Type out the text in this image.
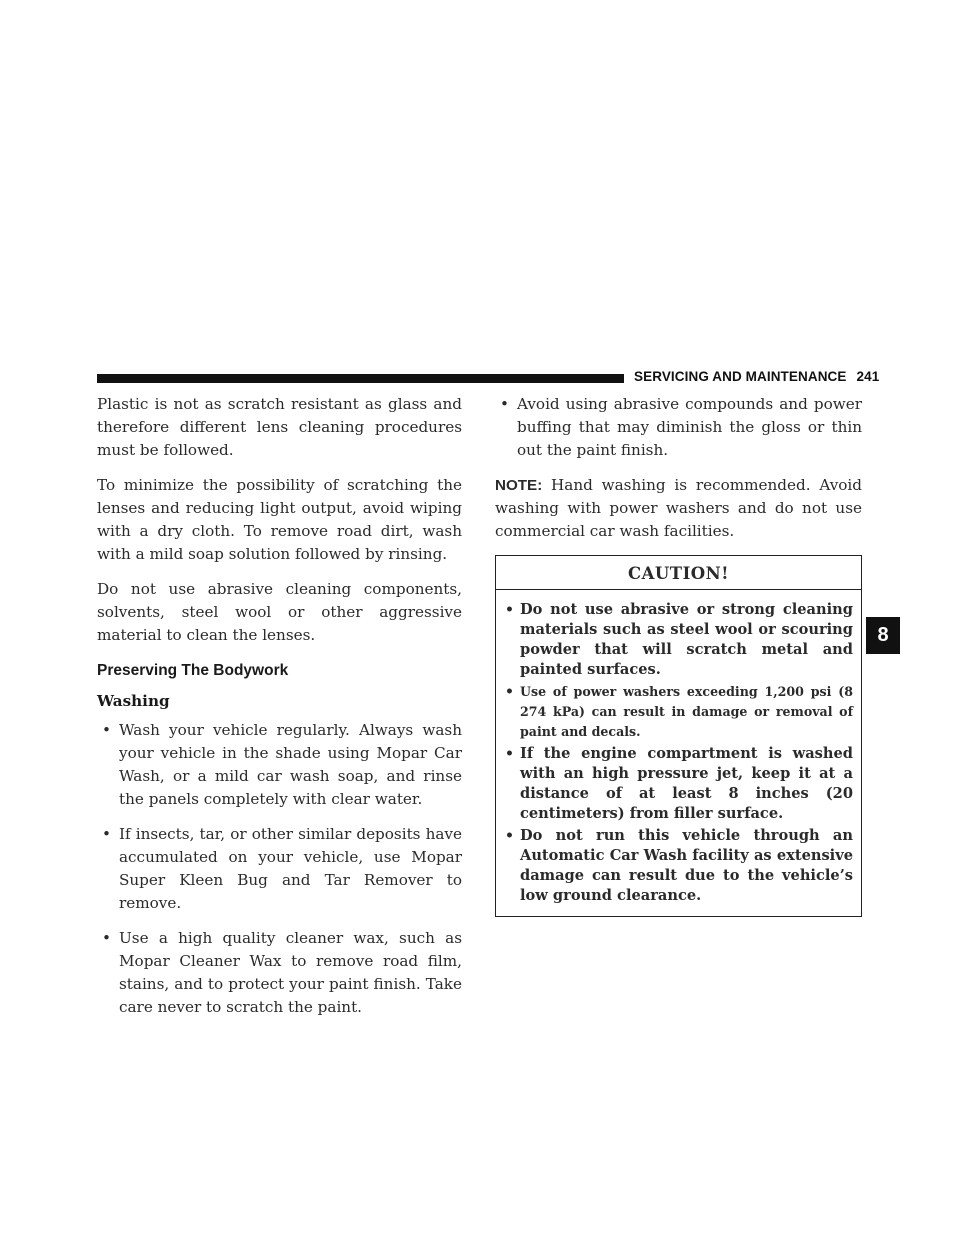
SERVICING AND MAINTENANCE 241
8

Plastic is not as scratch resistant as glass and therefore different lens cleaning procedures must be followed.

To minimize the possibility of scratching the lenses and reducing light output, avoid wiping with a dry cloth. To remove road dirt, wash with a mild soap solution followed by rinsing.

Do not use abrasive cleaning components, solvents, steel wool or other aggressive material to clean the lenses.

Preserving The Bodywork
Washing
• Wash your vehicle regularly. Always wash your vehicle in the shade using Mopar Car Wash, or a mild car wash soap, and rinse the panels completely with clear water.
• If insects, tar, or other similar deposits have accumulated on your vehicle, use Mopar Super Kleen Bug and Tar Remover to remove.
• Use a high quality cleaner wax, such as Mopar Cleaner Wax to remove road film, stains, and to protect your paint finish. Take care never to scratch the paint.
• Avoid using abrasive compounds and power buffing that may diminish the gloss or thin out the paint finish.

NOTE: Hand washing is recommended. Avoid washing with power washers and do not use commercial car wash facilities.

CAUTION!
• Do not use abrasive or strong cleaning materials such as steel wool or scouring powder that will scratch metal and painted surfaces.
• Use of power washers exceeding 1,200 psi (8 274 kPa) can result in damage or removal of paint and decals.
• If the engine compartment is washed with an high pressure jet, keep it at a distance of at least 8 inches (20 centimeters) from filler surface.
• Do not run this vehicle through an Automatic Car Wash facility as extensive damage can result due to the vehicle’s low ground clearance.
